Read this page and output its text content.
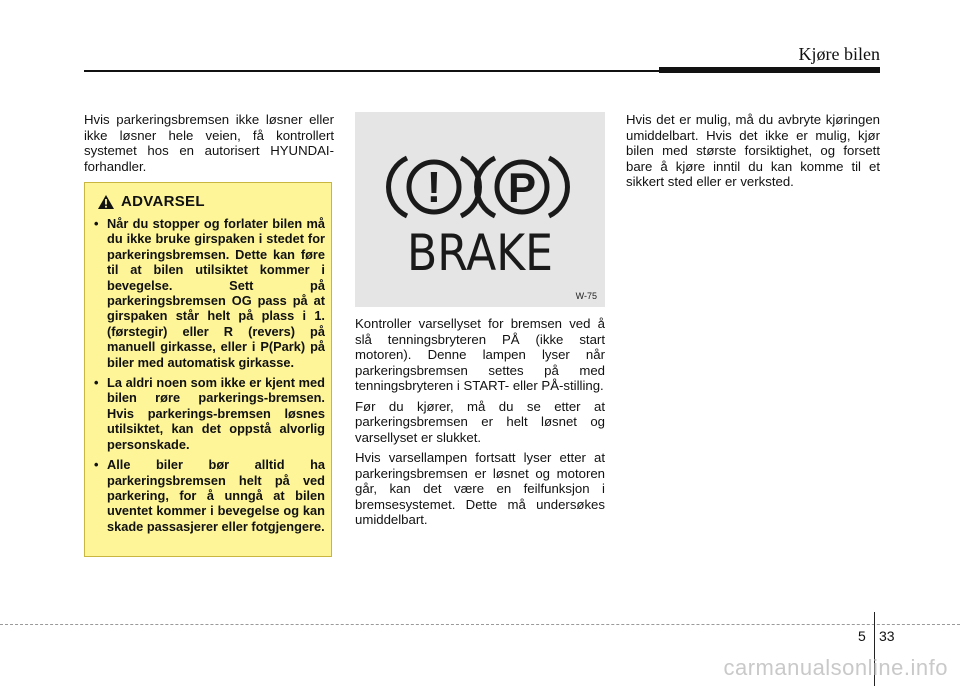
Kjøre bilen

Hvis parkeringsbremsen ikke løsner eller ikke løsner hele veien, få kontrollert systemet hos en autorisert HYUNDAI-forhandler.

ADVARSEL
• Når du stopper og forlater bilen må du ikke bruke girspaken i stedet for parkeringsbremsen. Dette kan føre til at bilen utilsiktet kommer i bevegelse. Sett på parkeringsbremsen OG pass på at girspaken står helt på plass i 1. (førstegir) eller R (revers) på manuell girkasse, eller i P(Park) på biler med automatisk girkasse.
• La aldri noen som ikke er kjent med bilen røre parkerings-bremsen. Hvis parkerings-bremsen løsnes utilsiktet, kan det oppstå alvorlig personskade.
• Alle biler bør alltid ha parkeringsbremsen helt på ved parkering, for å unngå at bilen uventet kommer i bevegelse og kan skade passasjerer eller fotgjengere.
! P
BRAKE
W-75

Kontroller varsellyset for bremsen ved å slå tenningsbryteren PÅ (ikke start motoren). Denne lampen lyser når parkeringsbremsen settes på med tenningsbryteren i START- eller PÅ-stilling.

Før du kjører, må du se etter at parkeringsbremsen er helt løsnet og varsellyset er slukket.

Hvis varsellampen fortsatt lyser etter at parkeringsbremsen er løsnet og motoren går, kan det være en feilfunksjon i bremsesystemet. Dette må undersøkes umiddelbart.

Hvis det er mulig, må du avbryte kjøringen umiddelbart. Hvis det ikke er mulig, kjør bilen med største forsiktighet, og forsett bare å kjøre inntil du kan komme til et sikkert sted eller er verksted.

5 33
carmanualsonline.info
